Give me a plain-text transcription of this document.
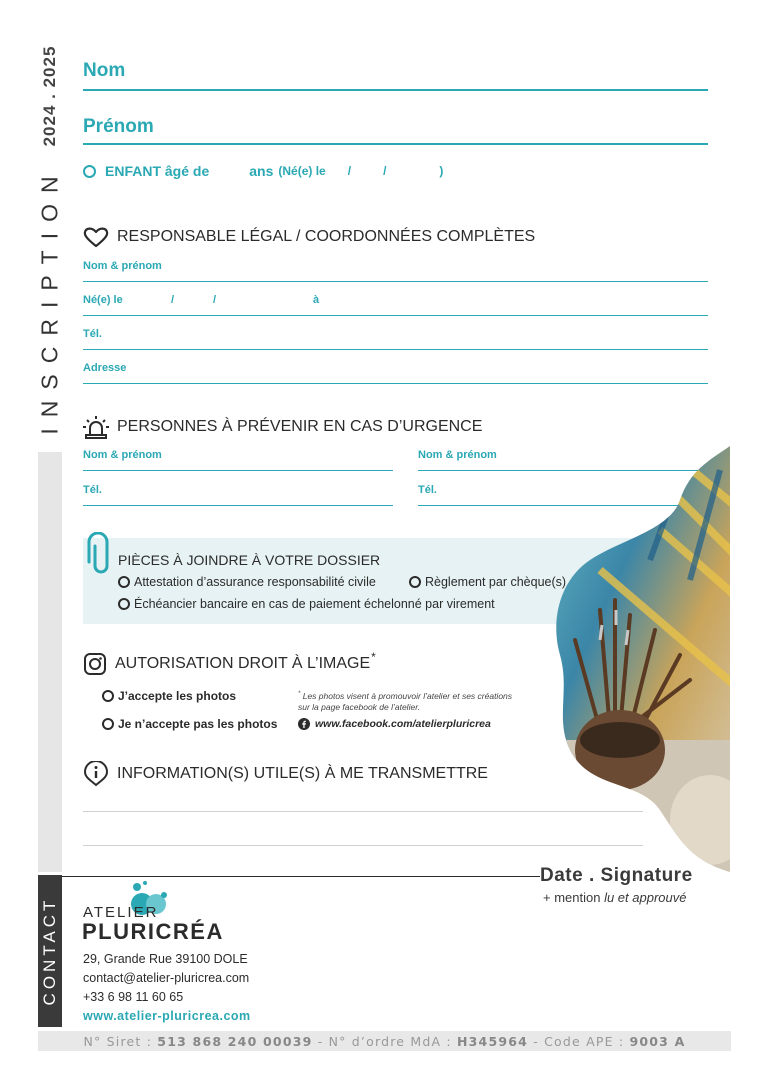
2024 . 2025
INSCRIPTION
CONTACT
Nom
Prénom
ENFANT âgé de	ans (Né(e) le /	/	)
RESPONSABLE LÉGAL / COORDONNÉES COMPLÈTES
Nom & prénom
Né(e) le	/	/	à
Tél.
Adresse
PERSONNES À PRÉVENIR EN CAS D’URGENCE
Nom & prénom	Nom & prénom
Tél.	Tél.
PIÈCES À JOINDRE À VOTRE DOSSIER
Attestation d’assurance responsabilité civile	Règlement par chèque(s)
Échéancier bancaire en cas de paiement échelonné par virement
AUTORISATION DROIT À L’IMAGE *
J’accepte les photos
Je n’accepte pas les photos
* Les photos visent à promouvoir l’atelier et ses créations
sur la page facebook de l’atelier.
www.facebook.com/atelierpluricrea
INFORMATION(S) UTILE(S) À ME TRANSMETTRE
Date . Signature
+ mention lu et approuvé
ATELIER
PLURICRÉA
29, Grande Rue 39100 DOLE
contact@atelier-pluricrea.com
+33 6 98 11 60 65
www.atelier-pluricrea.com
N° Siret :
513 868 240 00039
-
N° d’ordre MdA :
H345964
-
Code APE :
9003 A
